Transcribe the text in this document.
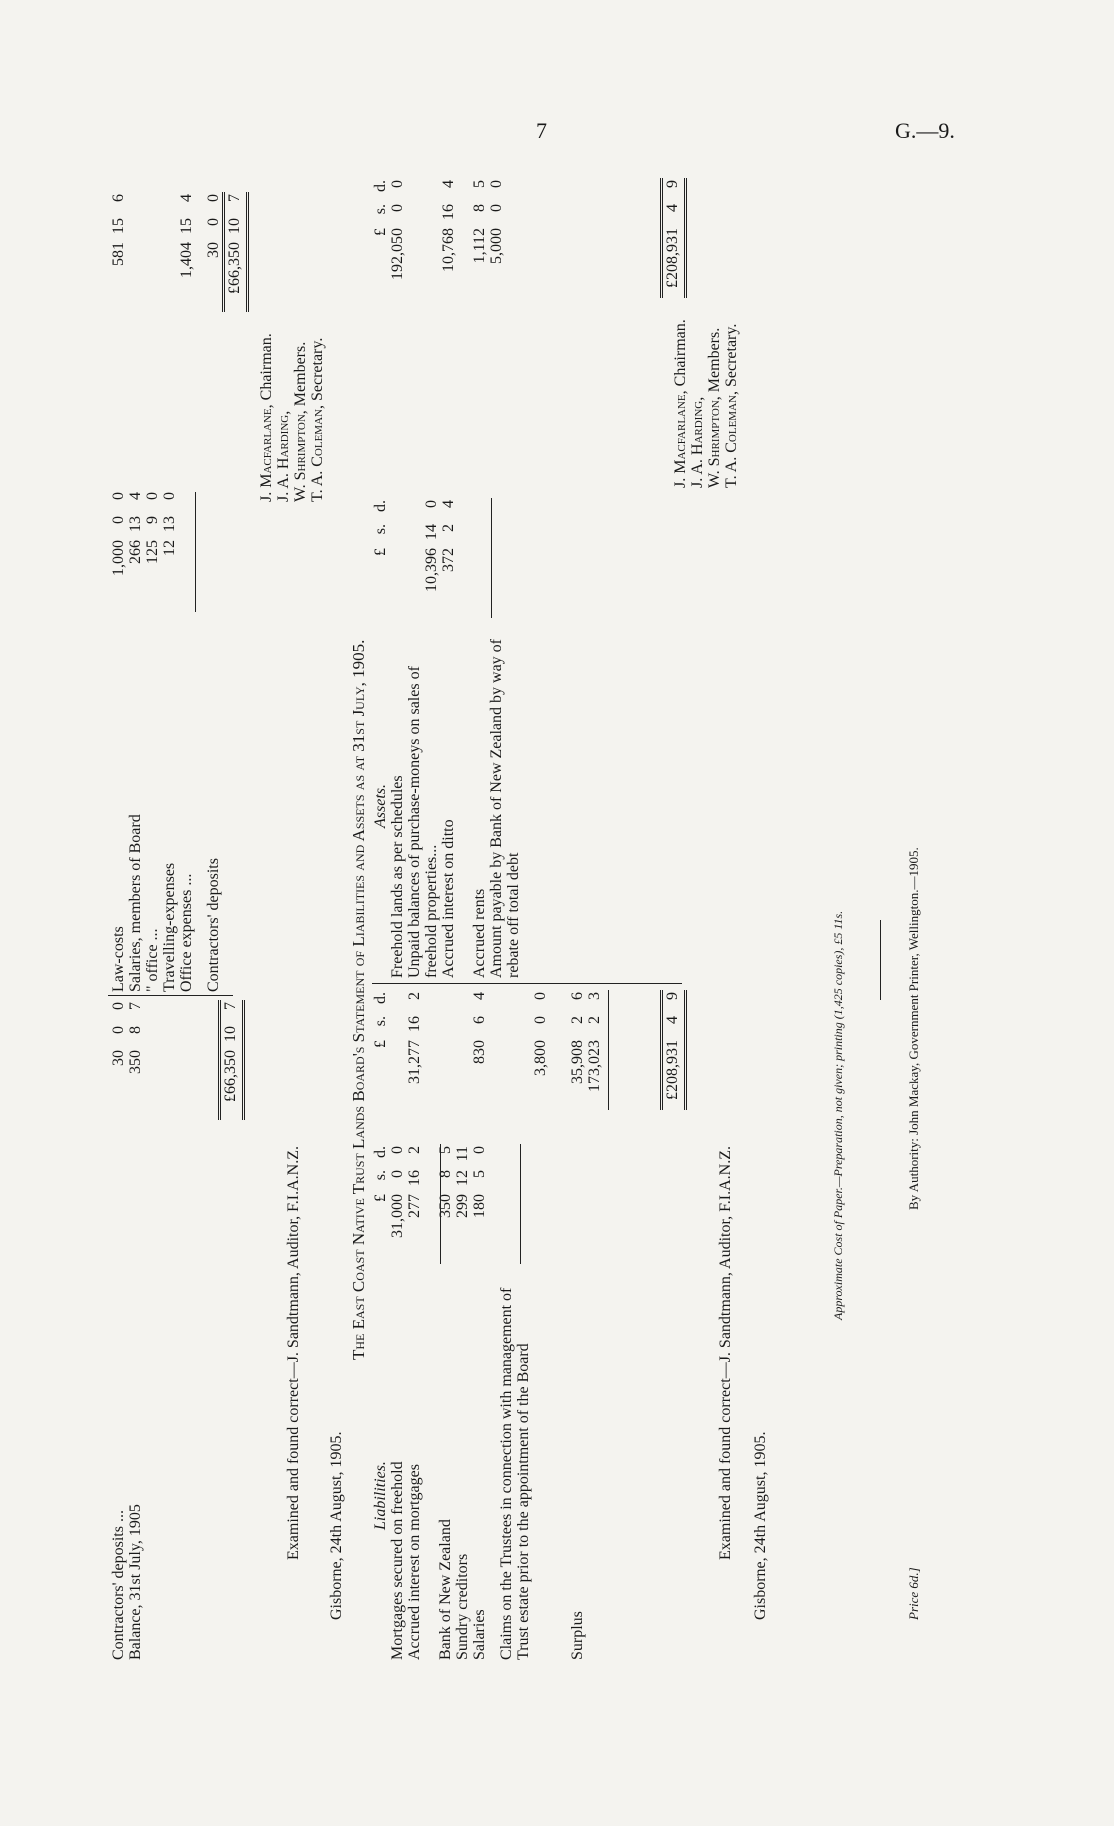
7	G.—9.
Contractors' deposits ...
30
0
0
Balance, 31st July, 1905
350
8
7
£66,350
10
7
Examined and found correct—J. Sandtmann, Auditor, F.I.A.N.Z. Gisborne, 24th August, 1905.
Law-costs
1,000
0
0
581
15
6
Salaries, members of Board
266
13
4
" office ...
125
9
0
Travelling-expenses
12
13
0
Office expenses ...
1,404
15
4
Contractors' deposits
30
0
0
£66,350
10
7
J. Macfarlane, Chairman.
J. A. Harding, W. Shrimpton, Members.
T. A. Coleman, Secretary.
The East Coast Native Trust Lands Board's Statement of Liabilities and Assets as at 31st July, 1905.
Liabilities.
£
s.
d.
£
s.
d.
Mortgages secured on freehold
31,000
0
0
Accrued interest on mortgages
277
16
2
31,277
16
2
Bank of New Zealand
350
8
5
Sundry creditors
299
12
11
Salaries
180
5
0
830
6
4
Claims on the Trustees in connection with management of Trust estate prior to the appointment of the Board
3,800
0
0
Surplus
35,908
2
6
173,023
2
3
£208,931
4
9
Examined and found correct—J. Sandtmann, Auditor, F.I.A.N.Z. Gisborne, 24th August, 1905.
Assets.
£
s.
d.
£
s.
d.
Freehold lands as per schedules
192,050
0
0
Unpaid balances of purchase-moneys on sales of freehold properties...
10,396
14
0
Accrued interest on ditto
372
2
4
10,768
16
4
Accrued rents
1,112
8
5
Amount payable by Bank of New Zealand by way of rebate off total debt
5,000
0
0
£208,931
4
9
J. Macfarlane, Chairman.
J. A. Harding, W. Shrimpton, Members.
T. A. Coleman, Secretary.
Approximate Cost of Paper.—Preparation, not given; printing (1,425 copies), £5 11s.
Price 6d.]
By Authority: John Mackay, Government Printer, Wellington.—1905.
